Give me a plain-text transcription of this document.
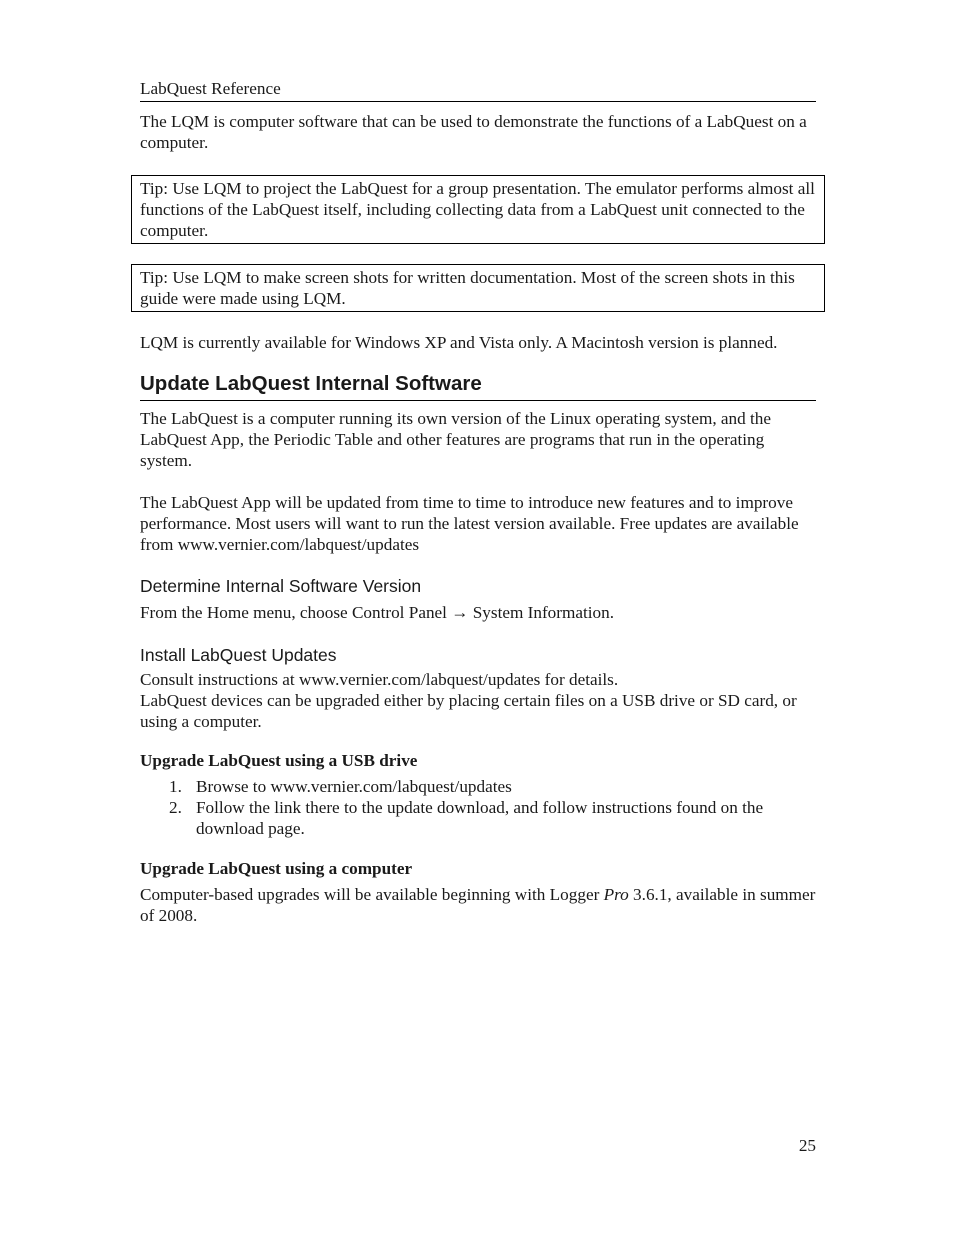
LabQuest Reference

The LQM is computer software that can be used to demonstrate the functions of a LabQuest on a computer.

Tip: Use LQM to project the LabQuest for a group presentation. The emulator performs almost all functions of the LabQuest itself, including collecting data from a LabQuest unit connected to the computer.

Tip: Use LQM to make screen shots for written documentation. Most of the screen shots in this guide were made using LQM.

LQM is currently available for Windows XP and Vista only. A Macintosh version is planned.

Update LabQuest Internal Software

The LabQuest is a computer running its own version of the Linux operating system, and the LabQuest App, the Periodic Table and other features are programs that run in the operating system.

The LabQuest App will be updated from time to time to introduce new features and to improve performance. Most users will want to run the latest version available. Free updates are available from www.vernier.com/labquest/updates

Determine Internal Software Version

From the Home menu, choose Control Panel → System Information.

Install LabQuest Updates

Consult instructions at www.vernier.com/labquest/updates for details.

LabQuest devices can be upgraded either by placing certain files on a USB drive or SD card, or using a computer.

Upgrade LabQuest using a USB drive
1. Browse to www.vernier.com/labquest/updates
2. Follow the link there to the update download, and follow instructions found on the download page.
Upgrade LabQuest using a computer

Computer-based upgrades will be available beginning with Logger Pro 3.6.1, available in summer of 2008.

25
